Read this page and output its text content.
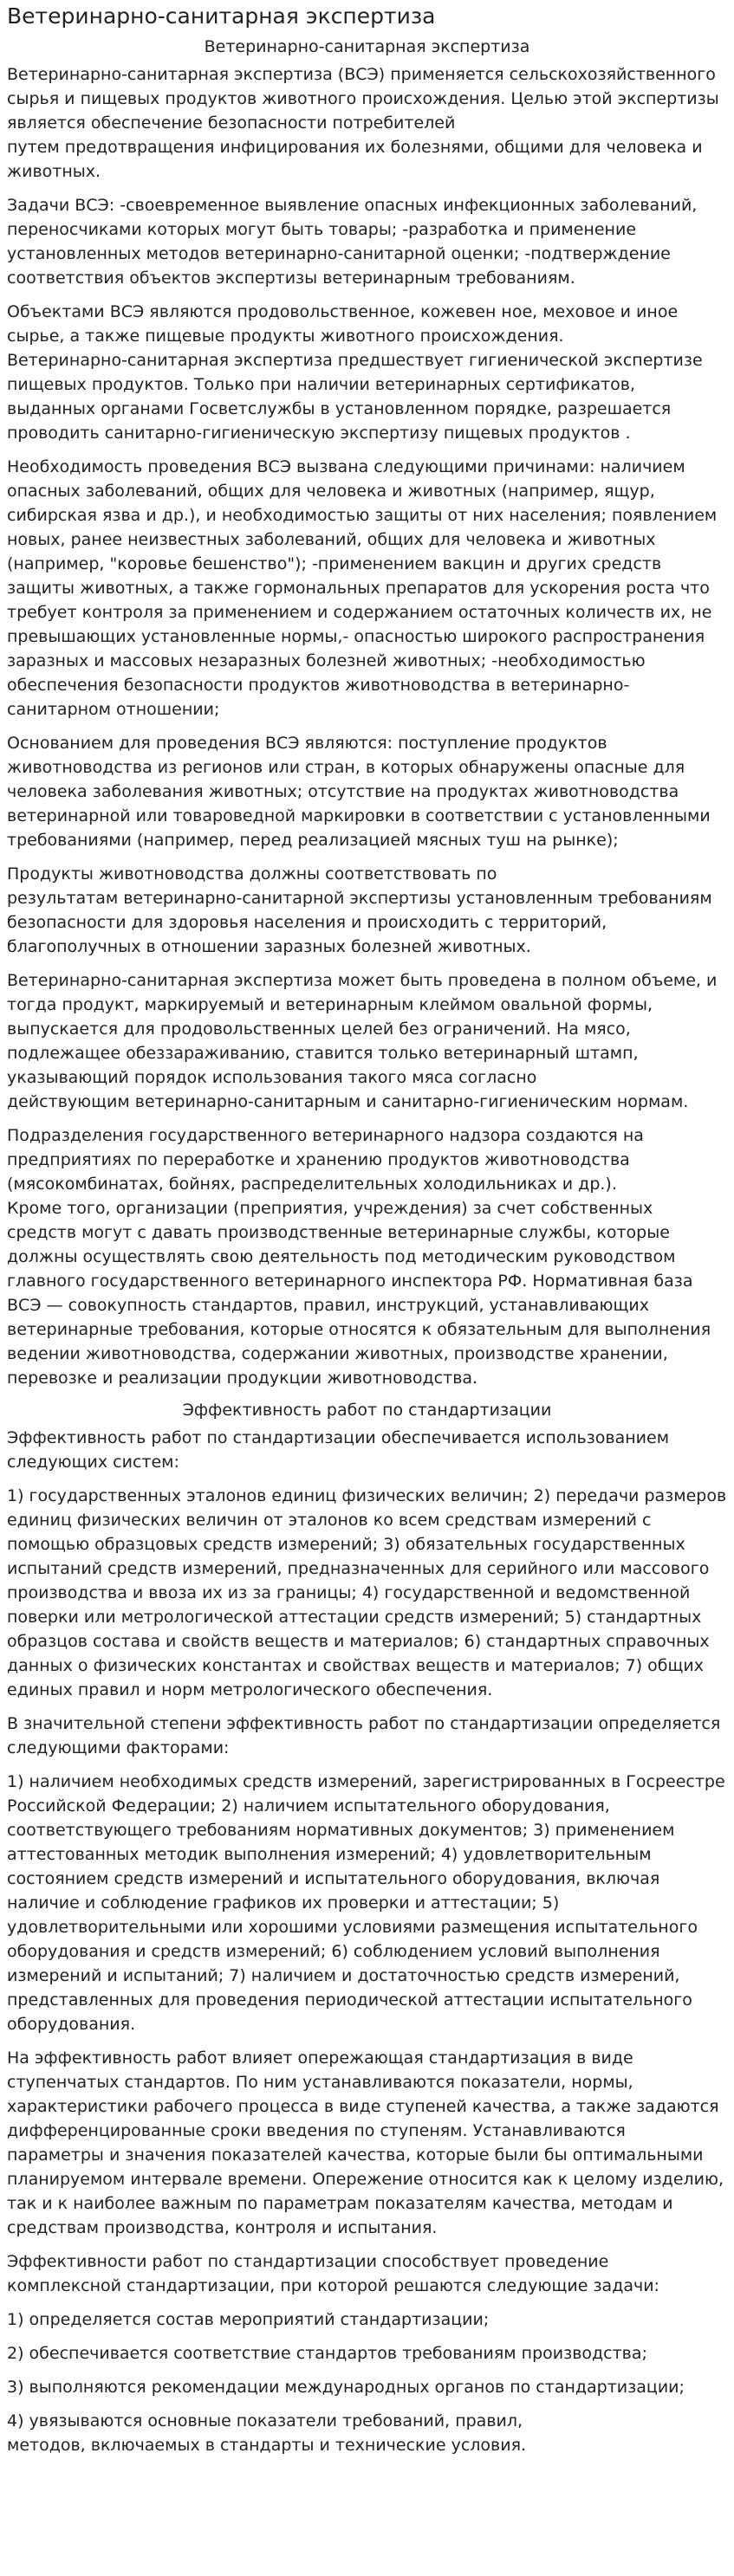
Ветеринарно-санитарная экспертиза
Ветеринарно-санитарная экспертиза

Ветеринарно-санитарная экспертиза (ВСЭ) применяется сельскохозяйственного сырья и пищевых продуктов животного происхождения. Целью этой экспертизы является обеспечение безопасности потребителей
путем предотвращения инфицирования их болезнями, общими для человека и животных.

Задачи ВСЭ: -своевременное выявление опасных инфекционных заболеваний, переносчиками которых могут быть товары; -разработка и применение установленных методов ветеринарно-санитарной оценки; -подтверждение соответствия объектов экспертизы ветеринарным требованиям.

Объектами ВСЭ являются продовольственное, кожевен ное, меховое и иное сырье, а также пищевые продукты животного происхождения.
Ветеринарно-санитарная экспертиза предшествует гигиенической экспертизе пищевых продуктов. Только при наличии ветеринарных сертификатов, выданных органами Госветслужбы в установленном порядке, разрешается проводить санитарно-гигиеническую экспертизу пищевых продуктов .

Необходимость проведения ВСЭ вызвана следующими причинами: наличием опасных заболеваний, общих для человека и животных (например, ящур, сибирская язва и др.), и необходимостью защиты от них населения; появлением новых, ранее неизвестных заболеваний, общих для человека и животных (например, "коровье бешенство"); -применением вакцин и других средств защиты животных, а также гормональных препаратов для ускорения роста что требует контроля за применением и содержанием остаточных количеств их, не превышающих установленные нормы,- опасностью широкого распространения заразных и массовых незаразных болезней животных; -необходимостью обеспечения безопасности продуктов животноводства в ветеринарно-санитарном отношении;

Основанием для проведения ВСЭ являются: поступление продуктов животноводства из регионов или стран, в которых обнаружены опасные для человека заболевания животных; отсутствие на продуктах животноводства ветеринарной или товароведной маркировки в соответствии с установленными требованиями (например, перед реализацией мясных туш на рынке);

Продукты животноводства должны соответствовать по
результатам ветеринарно-санитарной экспертизы установленным требованиям безопасности для здоровья населения и происходить с территорий, благополучных в отношении заразных болезней животных.

Ветеринарно-санитарная экспертиза может быть проведена в полном объеме, и тогда продукт, маркируемый и ветеринарным клеймом овальной формы, выпускается для продовольственных целей без ограничений. На мясо, подлежащее обеззараживанию, ставится только ветеринарный штамп, указывающий порядок использования такого мяса согласно
действующим ветеринарно-санитарным и санитарно-гигиеническим нормам.

Подразделения государственного ветеринарного надзора создаются на предприятиях по переработке и хранению продуктов животноводства (мясокомбинатах, бойнях, распределительных холодильниках и др.).
Кроме того, организации (преприятия, учреждения) за счет собственных средств могут с давать производственные ветеринарные службы, которые должны осуществлять свою деятельность под методическим руководством главного государственного ветеринарного инспектора РФ. Нормативная база ВСЭ — совокупность стандартов, правил, инструкций, устанавливающих ветеринарные требования, которые относятся к обязательным для выполнения ведении животноводства, содержании животных, производстве хранении, перевозке и реализации продукции животноводства.

Эффективность работ по стандартизации

Эффективность работ по стандартизации обеспечивается использованием следующих систем:

1) государственных эталонов единиц физических величин; 2) передачи размеров единиц физических величин от эталонов ко всем средствам измерений с помощью образцовых средств измерений; 3) обязательных государственных испытаний средств измерений, предназначенных для серийного или массового производства и ввоза их из за границы; 4) государственной и ведомственной поверки или метрологической аттестации средств измерений; 5) стандартных образцов состава и свойств веществ и материалов; 6) стандартных справочных данных о физических константах и свойствах веществ и материалов; 7) общих единых правил и норм метрологического обеспечения.

В значительной степени эффективность работ по стандартизации определяется следующими факторами:

1) наличием необходимых средств измерений, зарегистрированных в Госреестре Российской Федерации; 2) наличием испытательного оборудования, соответствующего требованиям нормативных документов; 3) применением аттестованных методик выполнения измерений; 4) удовлетворительным состоянием средств измерений и испытательного оборудования, включая наличие и соблюдение графиков их проверки и аттестации; 5) удовлетворительными или хорошими условиями размещения испытательного оборудования и средств измерений; 6) соблюдением условий выполнения измерений и испытаний; 7) наличием и достаточностью средств измерений, представленных для проведения периодической аттестации испытательного оборудования.

На эффективность работ влияет опережающая стандартизация в виде ступенчатых стандартов. По ним устанавливаются показатели, нормы, характеристики рабочего процесса в виде ступеней качества, а также задаются дифференцированные сроки введения по ступеням. Устанавливаются параметры и значения показателей качества, которые были бы оптимальными планируемом интервале времени. Опережение относится как к целому изделию, так и к наиболее важным по параметрам показателям качества, методам и средствам производства, контроля и испытания.

Эффективности работ по стандартизации способствует проведение комплексной стандартизации, при которой решаются следующие задачи:

1) определяется состав мероприятий стандартизации;

2) обеспечивается соответствие стандартов требованиям производства;

3) выполняются рекомендации международных органов по стандартизации;

4) увязываются основные показатели требований, правил,
методов, включаемых в стандарты и технические условия.
